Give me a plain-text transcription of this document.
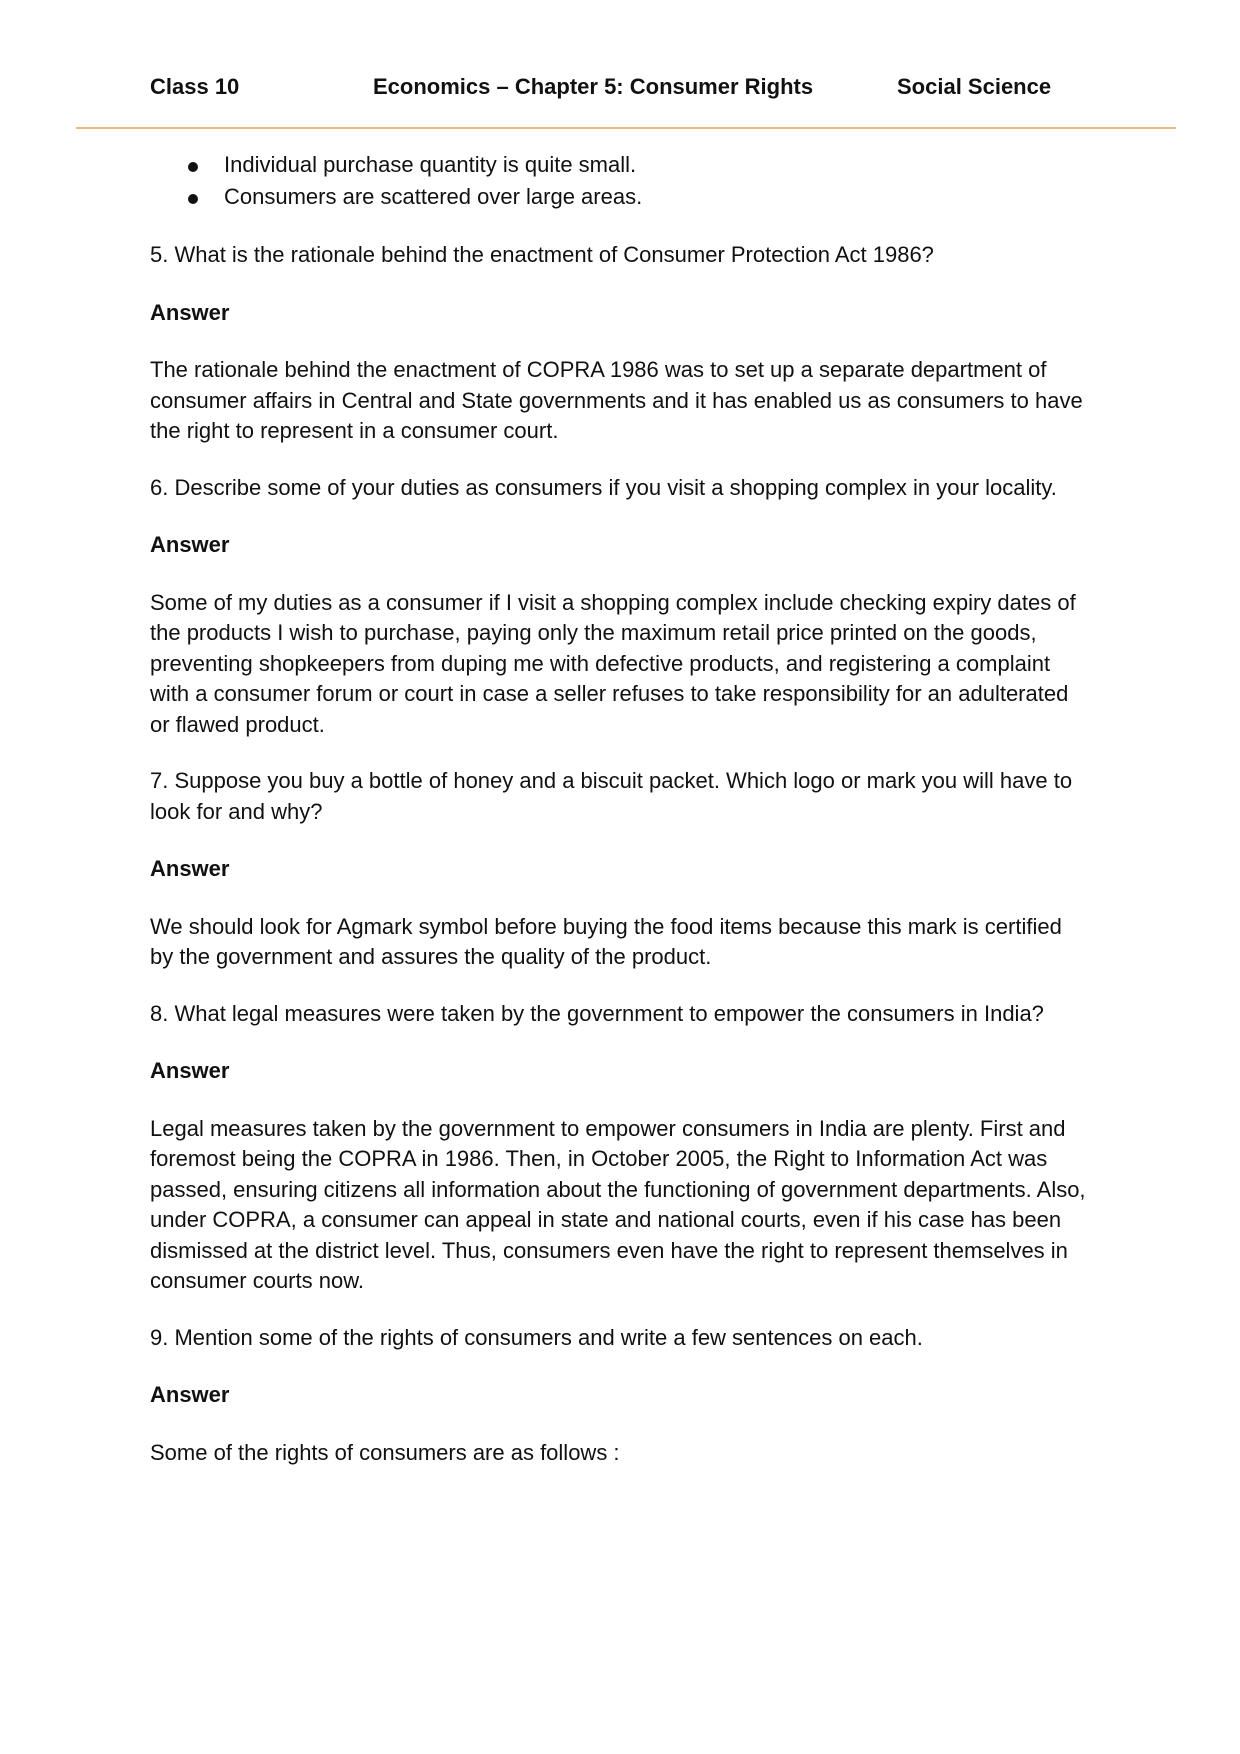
Class 10	Economics – Chapter 5: Consumer Rights	Social Science
Individual purchase quantity is quite small.
Consumers are scattered over large areas.

5. What is the rationale behind the enactment of Consumer Protection Act 1986?

Answer

The rationale behind the enactment of COPRA 1986 was to set up a separate department of consumer affairs in Central and State governments and it has enabled us as consumers to have the right to represent in a consumer court.

6. Describe some of your duties as consumers if you visit a shopping complex in your locality.

Answer

Some of my duties as a consumer if I visit a shopping complex include checking expiry dates of the products I wish to purchase, paying only the maximum retail price printed on the goods, preventing shopkeepers from duping me with defective products, and registering a complaint with a consumer forum or court in case a seller refuses to take responsibility for an adulterated or flawed product.

7. Suppose you buy a bottle of honey and a biscuit packet. Which logo or mark you will have to look for and why?

Answer

We should look for Agmark symbol before buying the food items because this mark is certified by the government and assures the quality of the product.

8. What legal measures were taken by the government to empower the consumers in India?

Answer

Legal measures taken by the government to empower consumers in India are plenty. First and foremost being the COPRA in 1986. Then, in October 2005, the Right to Information Act was passed, ensuring citizens all information about the functioning of government departments. Also, under COPRA, a consumer can appeal in state and national courts, even if his case has been dismissed at the district level. Thus, consumers even have the right to represent themselves in consumer courts now.

9. Mention some of the rights of consumers and write a few sentences on each.

Answer

Some of the rights of consumers are as follows :
